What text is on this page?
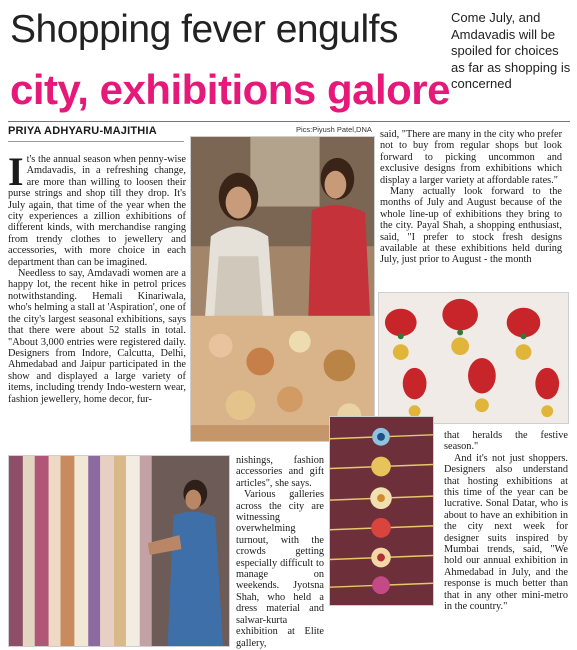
Shopping fever engulfs
city, exhibitions galore
Come July, and Amdavadis will be spoiled for choices as far as shopping is concerned
PRIYA ADHYARU-MAJITHIA	Pics:Piyush Patel,DNA

It's the annual season when penny-wise Amdavadis, in a refreshing change, are more than willing to loosen their purse strings and shop till they drop. It's July again, that time of the year when the city experiences a zillion exhibitions of different kinds, with merchandise ranging from trendy clothes to jewellery and accessories, with more choice in each department than can be imagined.

Needless to say, Amdavadi women are a happy lot, the recent hike in petrol prices notwithstanding. Hemali Kinariwala, who's helming a stall at 'Aspiration', one of the city's largest seasonal exhibitions, says that there were about 52 stalls in total. "About 3,000 entries were registered daily. Designers from Indore, Calcutta, Delhi, Ahmedabad and Jaipur participated in the show and displayed a large variety of items, including trendy Indo-western wear, fashion jewellery, home decor, fur-

said, "There are many in the city who prefer not to buy from regular shops but look forward to picking uncommon and exclusive designs from exhibitions which display a larger variety at affordable rates."

Many actually look forward to the months of July and August because of the whole line-up of exhibitions they bring to the city. Payal Shah, a shopping enthusiast, said, "I prefer to stock fresh designs available at these exhibitions held during July, just prior to August - the month

nishings, fashion accessories and gift articles", she says.

Various galleries across the city are witnessing overwhelming turnout, with the crowds getting especially difficult to manage on weekends. Jyotsna Shah, who held a dress material and salwar-kurta exhibition at Elite gallery,

that heralds the festive season."

And it's not just shoppers. Designers also understand that hosting exhibitions at this time of the year can be lucrative. Sonal Datar, who is about to have an exhibition in the city next week for designer suits inspired by Mumbai trends, said, "We hold our annual exhibition in Ahmedabad in July, and the response is much better than that in any other mini-metro in the country."
